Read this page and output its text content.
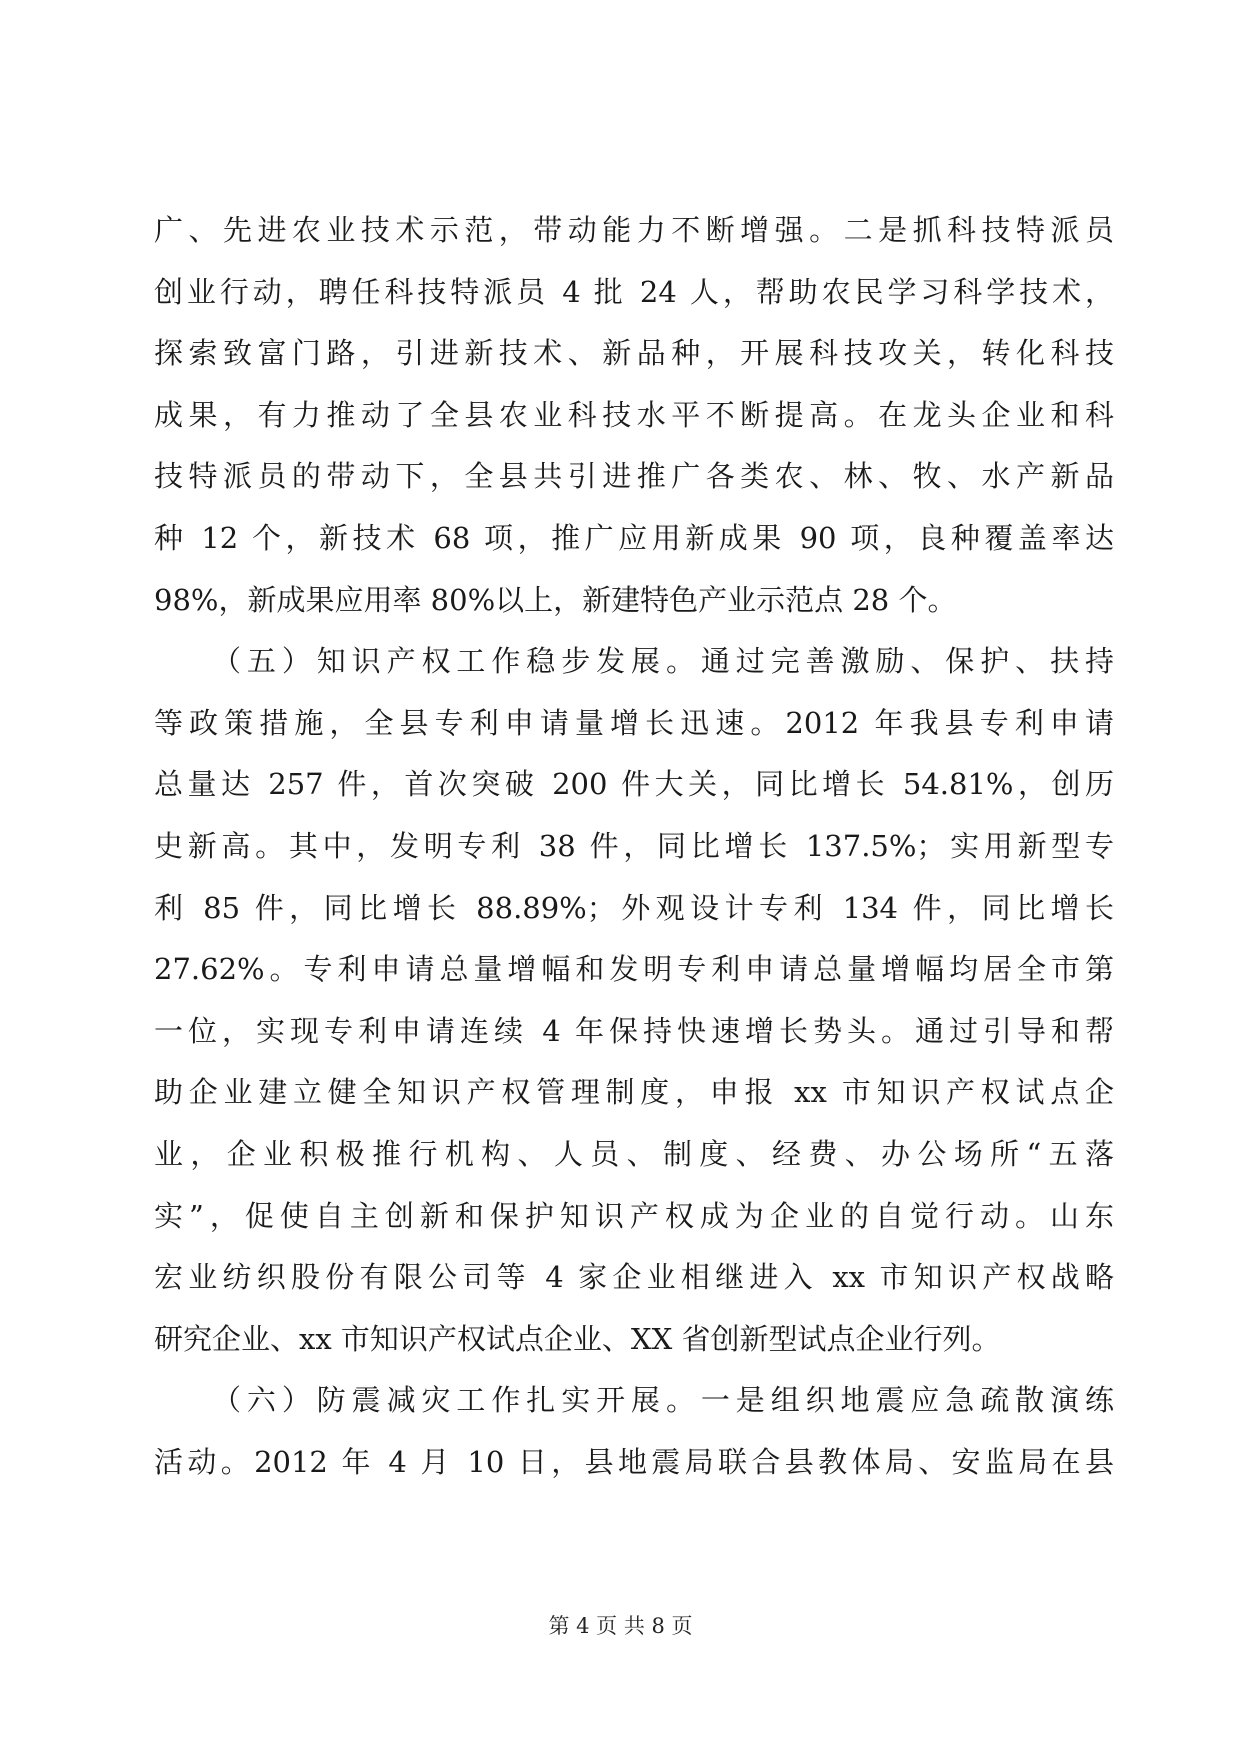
广、先进农业技术示范，带动能力不断增强。二是抓科技特派员
创业行动，聘任科技特派员 4 批 24 人，帮助农民学习科学技术，
探索致富门路，引进新技术、新品种，开展科技攻关，转化科技
成果，有力推动了全县农业科技水平不断提高。在龙头企业和科
技特派员的带动下，全县共引进推广各类农、林、牧、水产新品
种 12 个，新技术 68 项，推广应用新成果 90 项，良种覆盖率达
98%，新成果应用率 80%以上，新建特色产业示范点 28 个。
（五）知识产权工作稳步发展。通过完善激励、保护、扶持
等政策措施，全县专利申请量增长迅速。2012 年我县专利申请
总量达 257 件，首次突破 200 件大关，同比增长 54.81%，创历
史新高。其中，发明专利 38 件，同比增长 137.5%；实用新型专
利 85 件，同比增长 88.89%；外观设计专利 134 件，同比增长
27.62%。专利申请总量增幅和发明专利申请总量增幅均居全市第
一位，实现专利申请连续 4 年保持快速增长势头。通过引导和帮
助企业建立健全知识产权管理制度，申报 xx 市知识产权试点企
业，企业积极推行机构、人员、制度、经费、办公场所“五落
实”，促使自主创新和保护知识产权成为企业的自觉行动。山东
宏业纺织股份有限公司等 4 家企业相继进入 xx 市知识产权战略
研究企业、xx 市知识产权试点企业、XX 省创新型试点企业行列。
（六）防震减灾工作扎实开展。一是组织地震应急疏散演练
活动。2012 年 4 月 10 日，县地震局联合县教体局、安监局在县
第 4 页 共 8 页
